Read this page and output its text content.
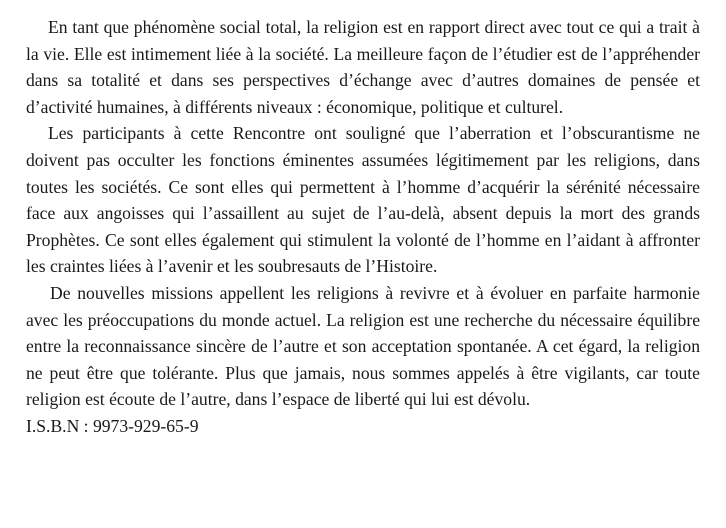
En tant que phénomène social total, la religion est en rapport direct avec tout ce qui a trait à la vie. Elle est intimement liée à la société. La meilleure façon de l’étudier est de l’appréhender dans sa totalité et dans ses perspectives d’échange avec d’autres domaines de pensée et d’activité humaines, à différents niveaux : économique, politique et culturel.

Les participants à cette Rencontre ont souligné que l’aberration et l’obscurantisme ne doivent pas occulter les fonctions éminentes assumées légitimement par les religions, dans toutes les sociétés. Ce sont elles qui permettent à l’homme d’acquérir la sérénité nécessaire face aux angoisses qui l’assaillent au sujet de l’au-delà, absent depuis la mort des grands Prophètes. Ce sont elles également qui stimulent la volonté de l’homme en l’aidant à affronter les craintes liées à l’avenir et les soubresauts de l’Histoire.

De nouvelles missions appellent les religions à revivre et à évoluer en parfaite harmonie avec les préoccupations du monde actuel. La religion est une recherche du nécessaire équilibre entre la reconnaissance sincère de l’autre et son acceptation spontanée. A cet égard, la religion ne peut être que tolérante. Plus que jamais, nous sommes appelés à être vigilants, car toute religion est écoute de l’autre, dans l’espace de liberté qui lui est dévolu.

I.S.B.N : 9973-929-65-9
